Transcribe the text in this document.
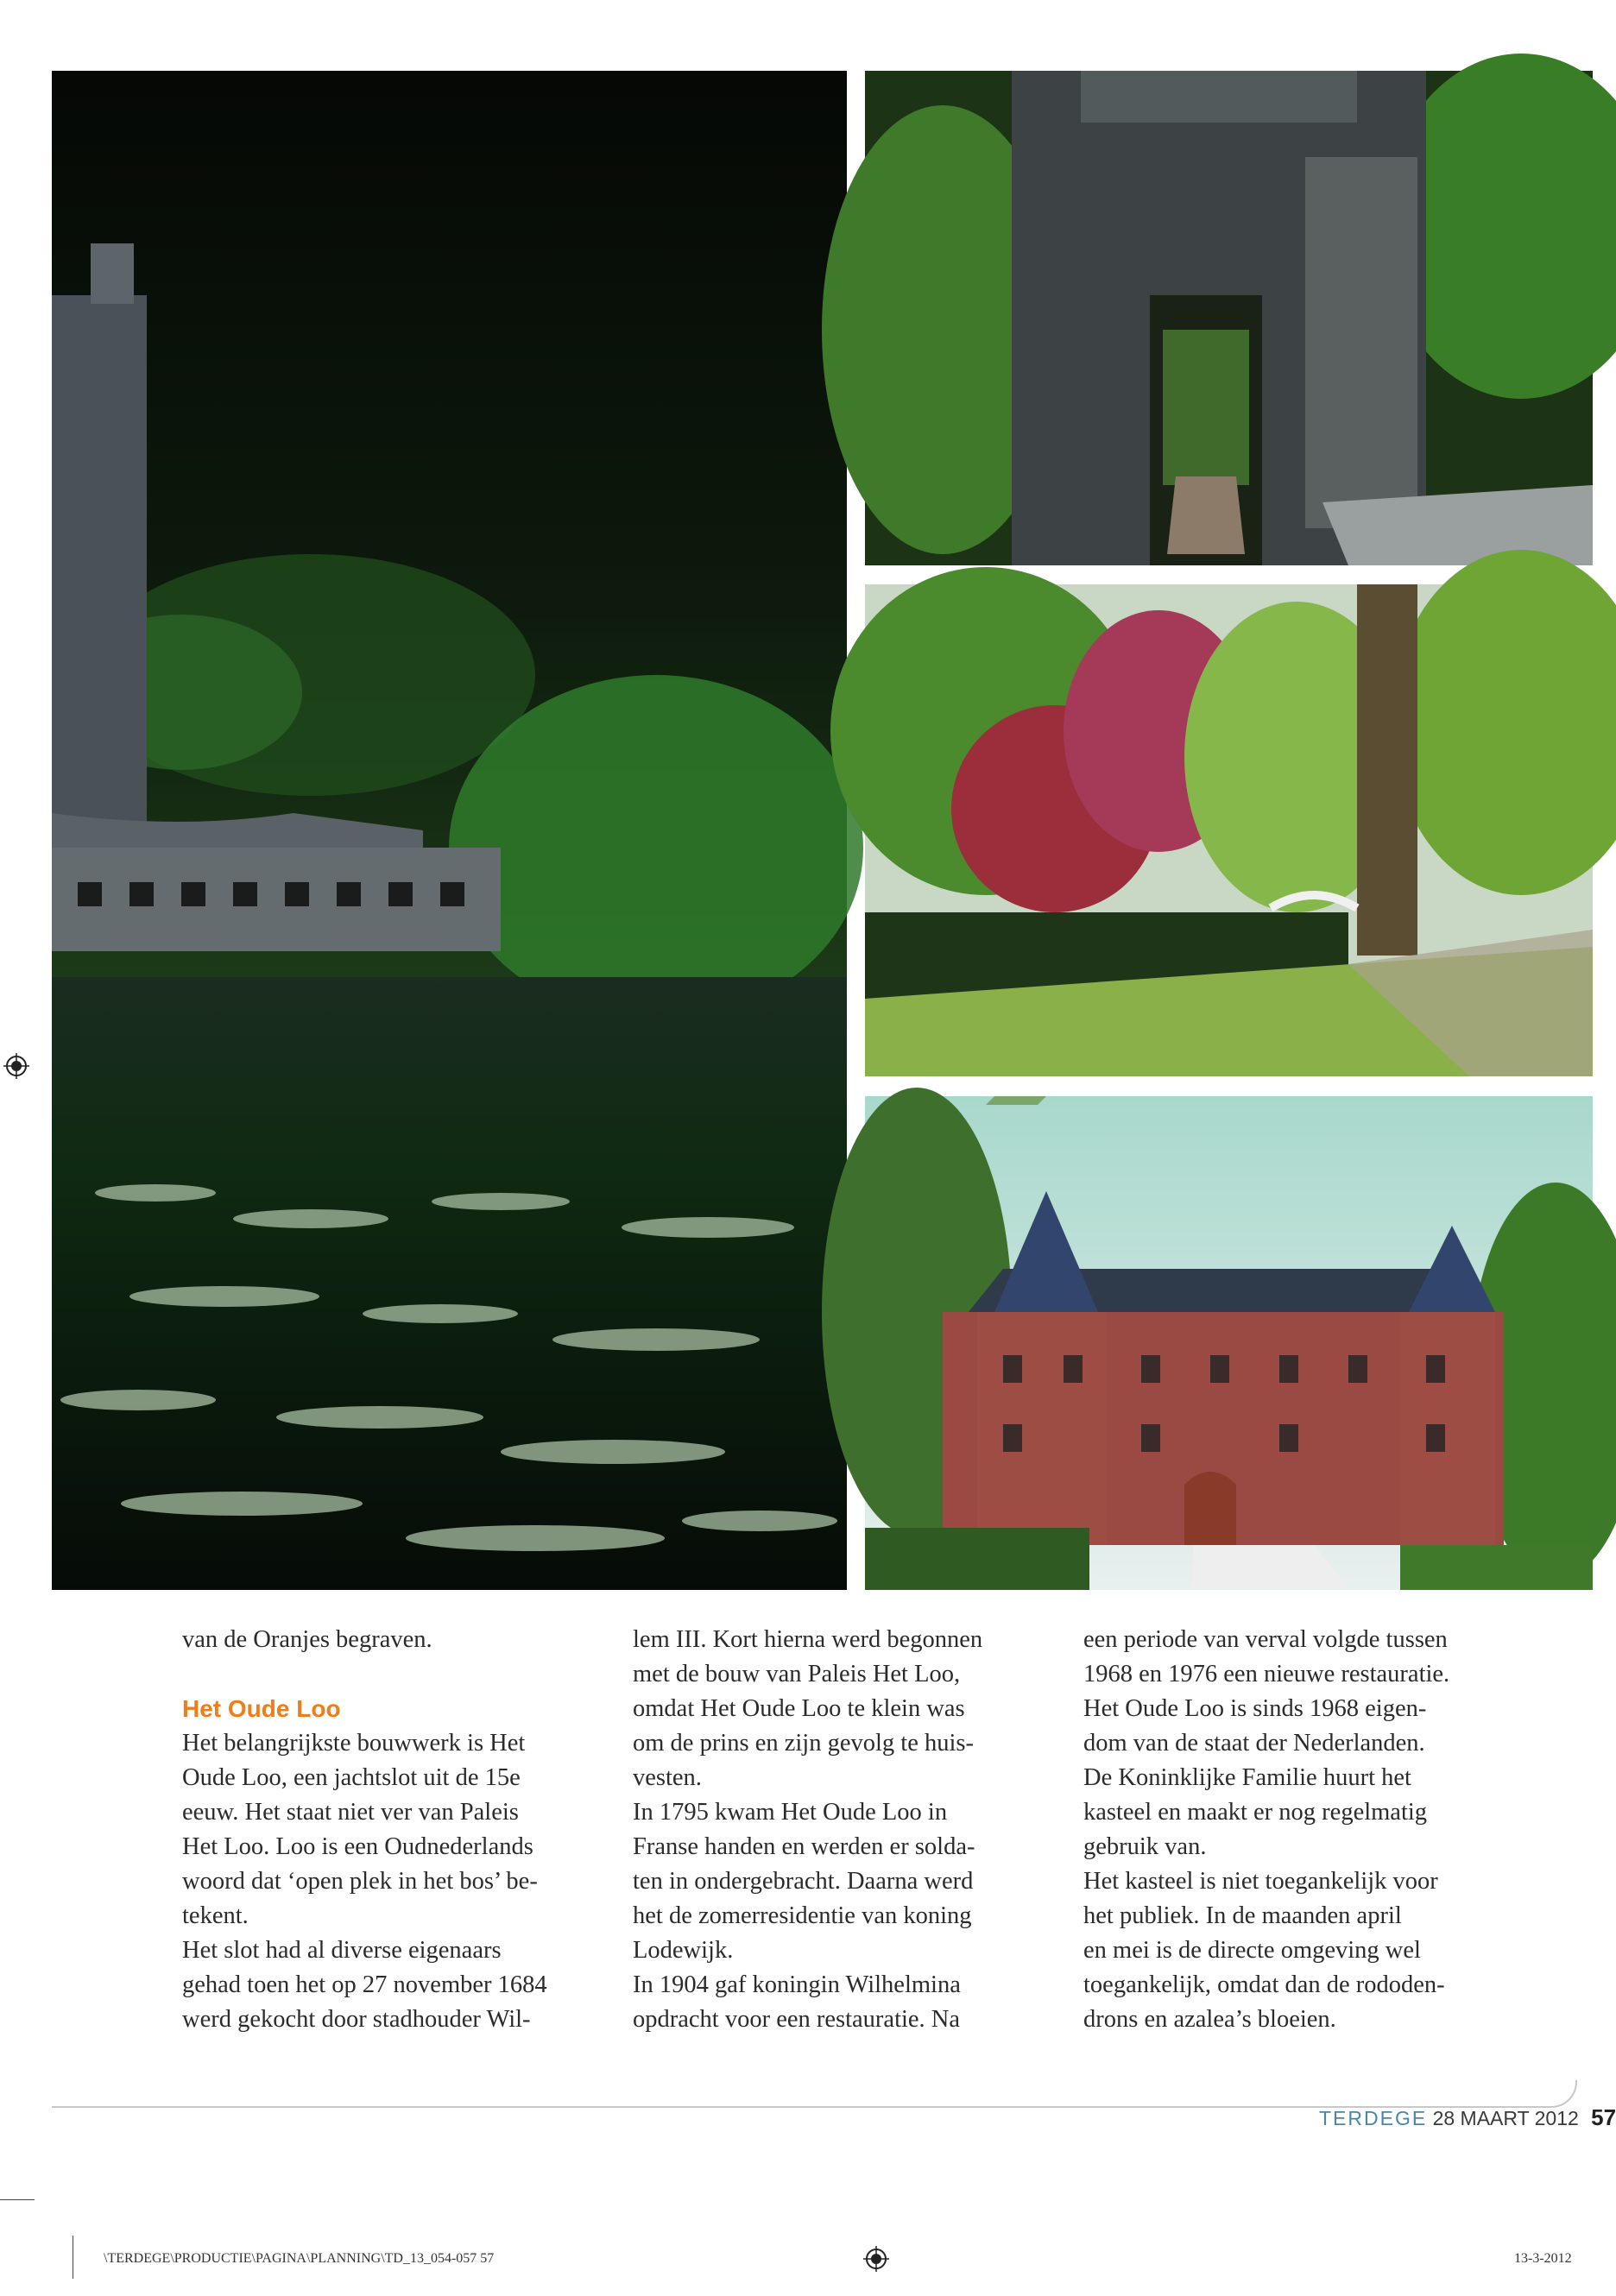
van de Oranjes begraven.

Het Oude Loo

Het belangrijkste bouwwerk is Het

Oude Loo, een jachtslot uit de 15e

eeuw. Het staat niet ver van Paleis

Het Loo. Loo is een Oudnederlands

woord dat ‘open plek in het bos’ be-

tekent.

Het slot had al diverse eigenaars

gehad toen het op 27 november 1684

werd gekocht door stadhouder Wil-

lem III. Kort hierna werd begonnen

met de bouw van Paleis Het Loo,

omdat Het Oude Loo te klein was

om de prins en zijn gevolg te huis-

vesten.

In 1795 kwam Het Oude Loo in

Franse handen en werden er solda-

ten in ondergebracht. Daarna werd

het de zomerresidentie van koning

Lodewijk.

In 1904 gaf koningin Wilhelmina

opdracht voor een restauratie. Na

een periode van verval volgde tussen

1968 en 1976 een nieuwe restauratie.

Het Oude Loo is sinds 1968 eigen-

dom van de staat der Nederlanden.

De Koninklijke Familie huurt het

kasteel en maakt er nog regelmatig

gebruik van.

Het kasteel is niet toegankelijk voor

het publiek. In de maanden april

en mei is de directe omgeving wel

toegankelijk, omdat dan de rododen-

drons en azalea’s bloeien.

TERDEGE 28 MAART 2012 57
\TERDEGE\PRODUCTIE\PAGINA\PLANNING\TD_13_054-057 57	13-3-2012
